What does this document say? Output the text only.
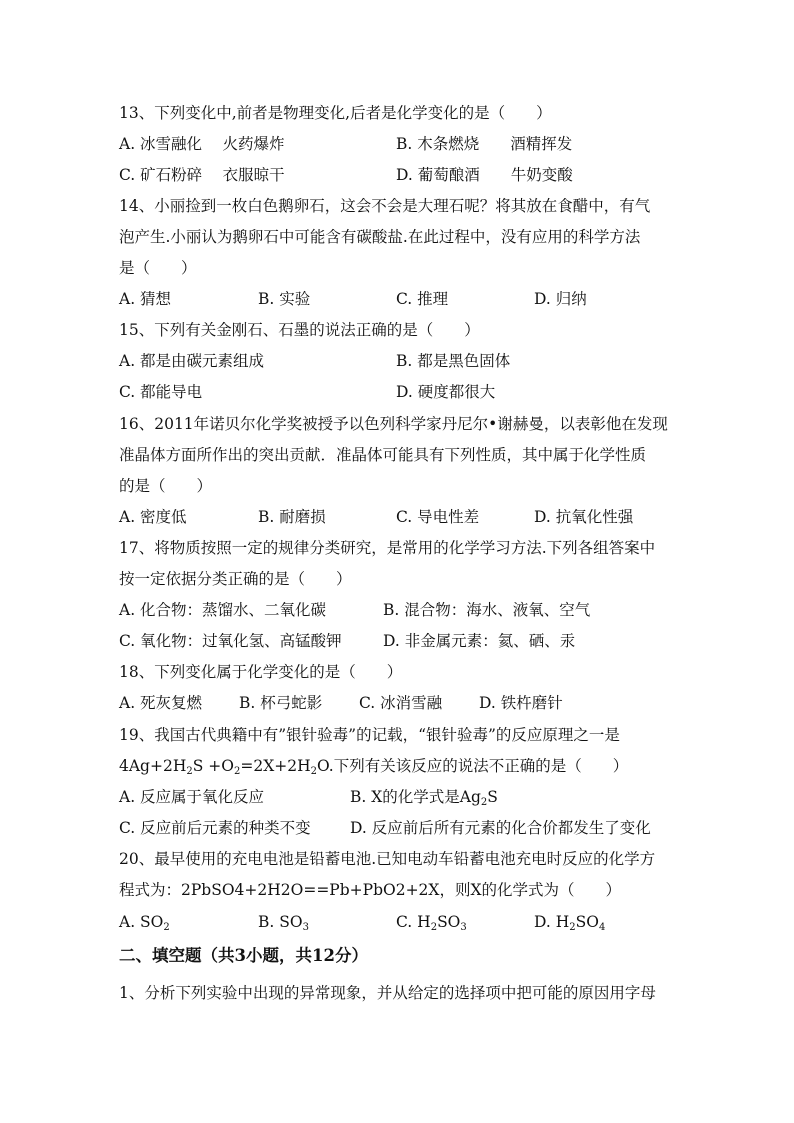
13、下列变化中,前者是物理变化,后者是化学变化的是（　　）
A. 冰雪融化　 火药爆炸	B. 木条燃烧　　酒精挥发
C. 矿石粉碎　 衣服晾干	D. 葡萄酿酒　　牛奶变酸
14、小丽捡到一枚白色鹅卵石，这会不会是大理石呢？将其放在食醋中，有气
泡产生.小丽认为鹅卵石中可能含有碳酸盐.在此过程中，没有应用的科学方法
是（　　）
A. 猜想	B. 实验	C. 推理	D. 归纳
15、下列有关金刚石、石墨的说法正确的是（　　）
A. 都是由碳元素组成	B. 都是黑色固体
C. 都能导电	D. 硬度都很大
16、2011年诺贝尔化学奖被授予以色列科学家丹尼尔•谢赫曼，以表彰他在发现
准晶体方面所作出的突出贡献．准晶体可能具有下列性质，其中属于化学性质
的是（　　）
A. 密度低	B. 耐磨损	C. 导电性差	D. 抗氧化性强
17、将物质按照一定的规律分类研究，是常用的化学学习方法.下列各组答案中
按一定依据分类正确的是（　　）
A. 化合物：蒸馏水、二氧化碳	B. 混合物：海水、液氧、空气
C. 氧化物：过氧化氢、高锰酸钾	D. 非金属元素：氦、硒、汞
18、下列变化属于化学变化的是（　　）
A. 死灰复燃 B. 杯弓蛇影 C. 冰消雪融 D. 铁杵磨针
19、我国古代典籍中有”银针验毒”的记载，“银针验毒”的反应原理之一是
$4Ag+2H_2S +O_2=2X+2H_2O$.下列有关该反应的说法不正确的是（　　）
A. 反应属于氧化反应	B. X的化学式是$Ag_2S$
C. 反应前后元素的种类不变	D. 反应前后所有元素的化合价都发生了变化
20、最早使用的充电电池是铅蓄电池.已知电动车铅蓄电池充电时反应的化学方
程式为：2PbSO4+2H2O==Pb+PbO2+2X，则X的化学式为（　　）
A. $SO_2$	B. $SO_3$	C. $H_2SO_3$	D. $H_2SO_4$
二、填空题（共3小题，共12分）
1、分析下列实验中出现的异常现象，并从给定的选择项中把可能的原因用字母
